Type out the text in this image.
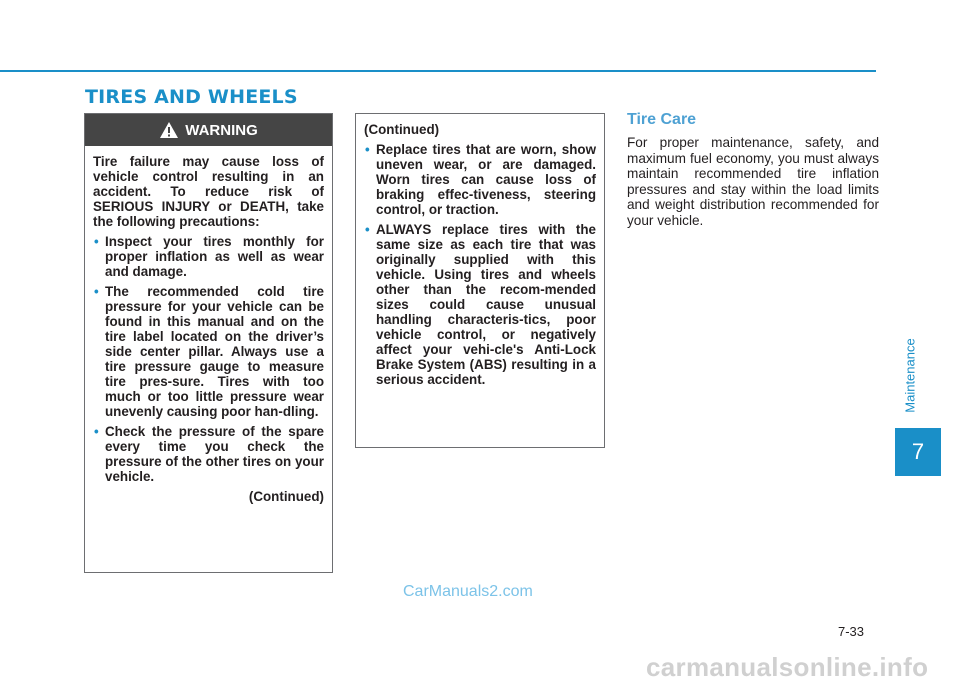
TIRES AND WHEELS
WARNING

Tire failure may cause loss of vehicle control resulting in an accident. To reduce risk of SERIOUS INJURY or DEATH, take the following precautions:

• Inspect your tires monthly for proper inflation as well as wear and damage.
• The recommended cold tire pressure for your vehicle can be found in this manual and on the tire label located on the driver’s side center pillar. Always use a tire pressure gauge to measure tire pres-sure. Tires with too much or too little pressure wear unevenly causing poor han-dling.
• Check the pressure of the spare every time you check the pressure of the other tires on your vehicle.

(Continued)

(Continued)

• Replace tires that are worn, show uneven wear, or are damaged. Worn tires can cause loss of braking effec-tiveness, steering control, or traction.
• ALWAYS replace tires with the same size as each tire that was originally supplied with this vehicle. Using tires and wheels other than the recom-mended sizes could cause unusual handling characteris-tics, poor vehicle control, or negatively affect your vehi-cle's Anti-Lock Brake System (ABS) resulting in a serious accident.
Tire Care

For proper maintenance, safety, and maximum fuel economy, you must always maintain recommended tire inflation pressures and stay within the load limits and weight distribution recommended for your vehicle.

Maintenance
7
7-33
CarManuals2.com
carmanualsonline.info
